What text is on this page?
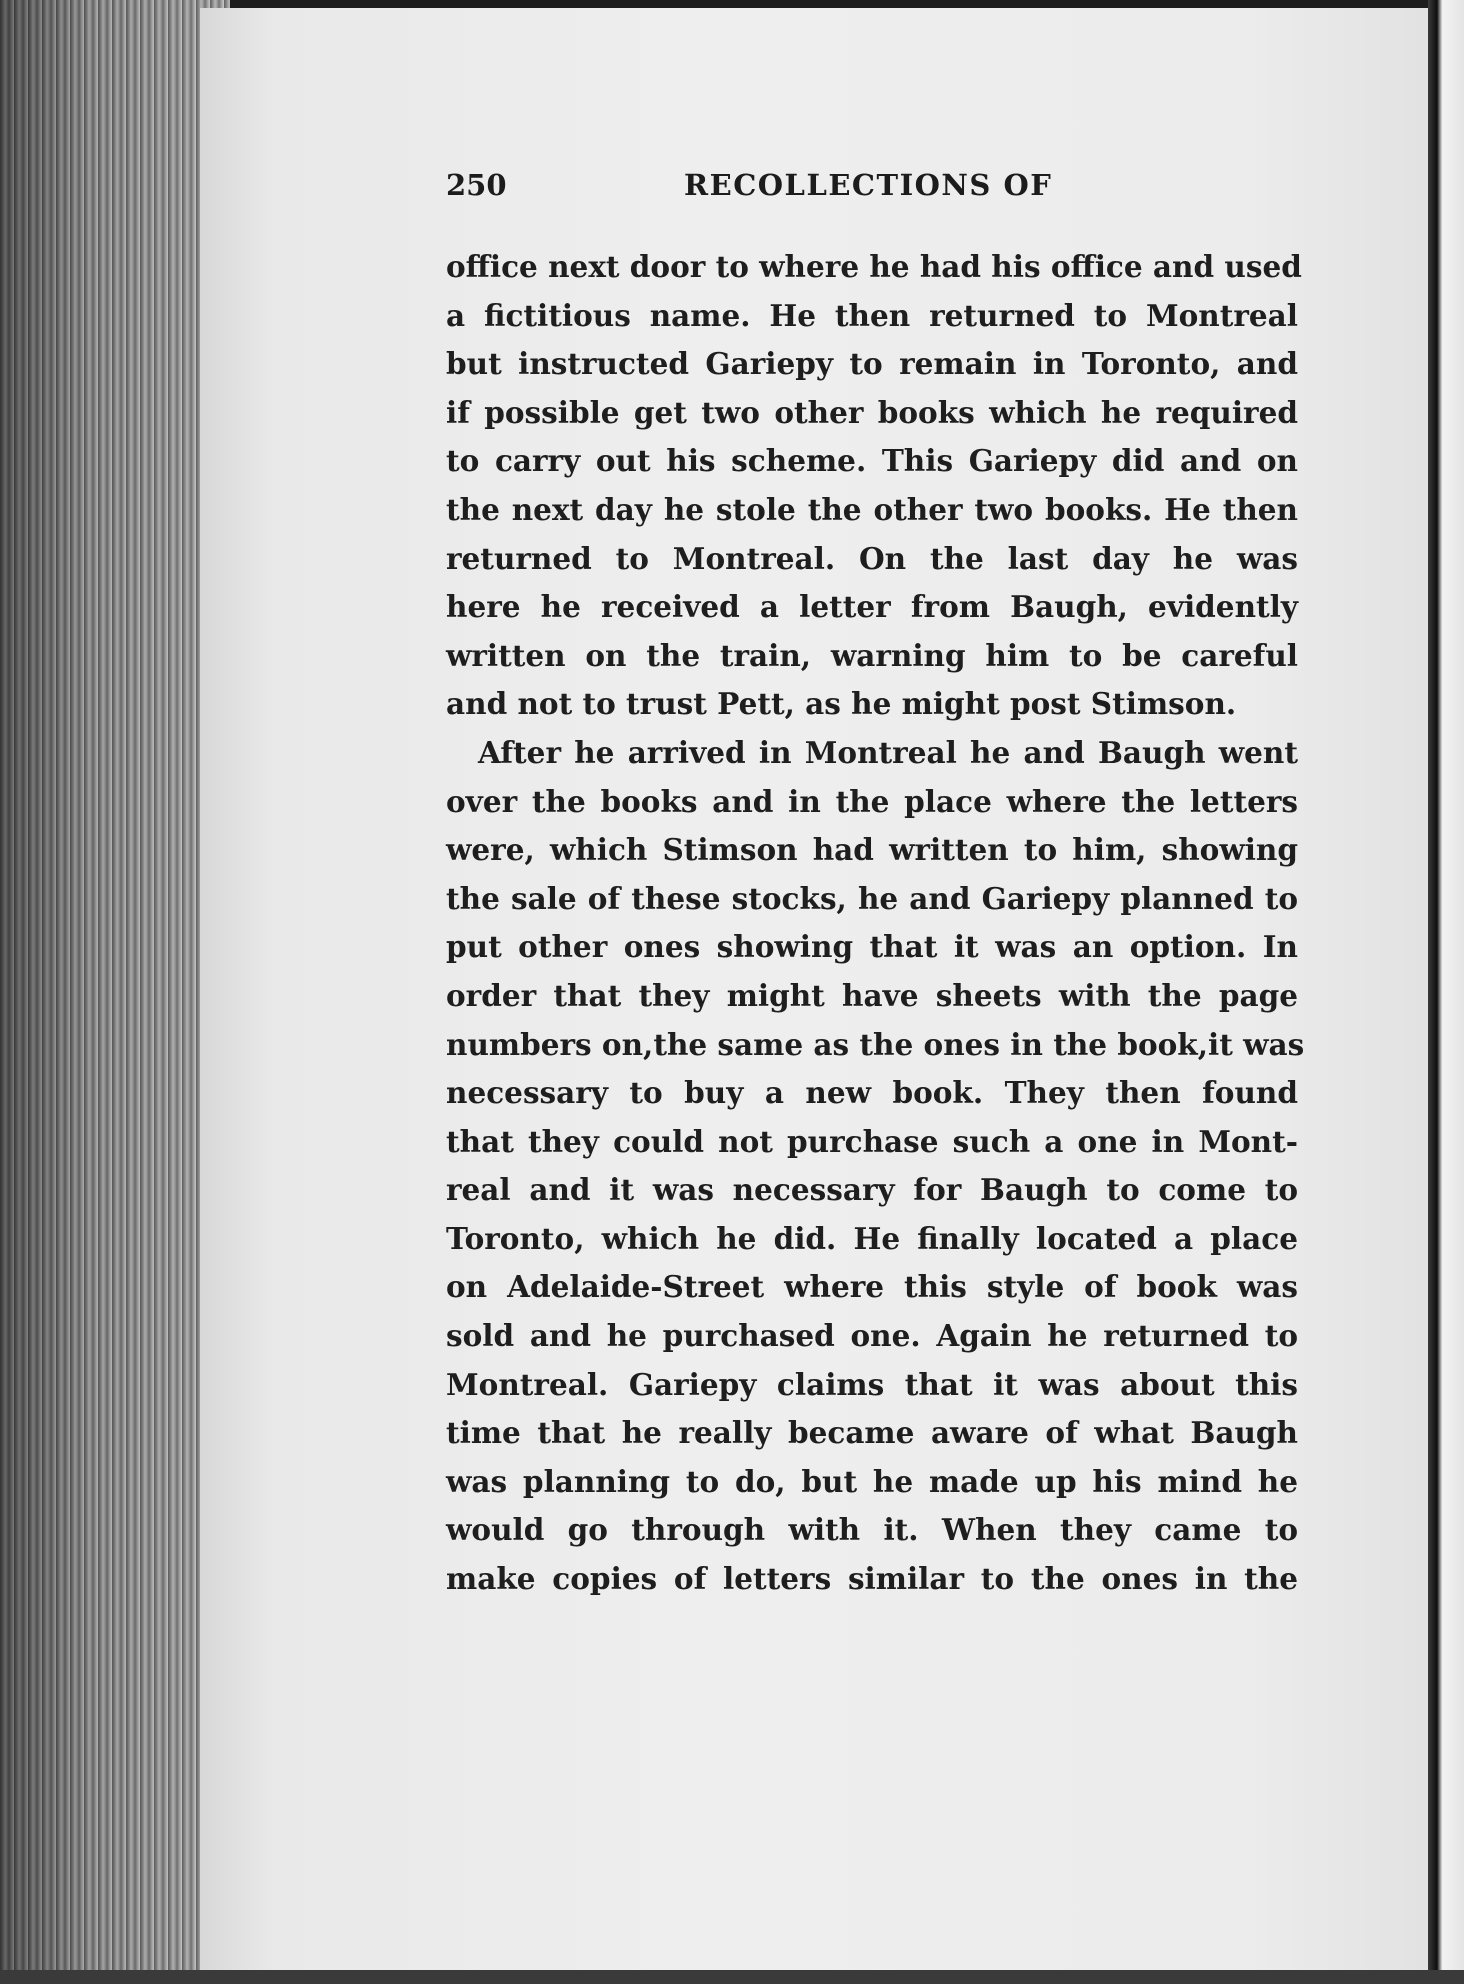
250	RECOLLECTIONS OF

office next door to where he had his office and used
a fictitious name. He then returned to Montreal
but instructed Gariepy to remain in Toronto, and
if possible get two other books which he required
to carry out his scheme. This Gariepy did and on
the next day he stole the other two books. He then
returned to Montreal. On the last day he was
here he received a letter from Baugh, evidently
written on the train, warning him to be careful
and not to trust Pett, as he might post Stimson.

After he arrived in Montreal he and Baugh went
over the books and in the place where the letters
were, which Stimson had written to him, showing
the sale of these stocks, he and Gariepy planned to
put other ones showing that it was an option. In
order that they might have sheets with the page
numbers on,the same as the ones in the book,it was
necessary to buy a new book. They then found
that they could not purchase such a one in Mont-
real and it was necessary for Baugh to come to
Toronto, which he did. He finally located a place
on Adelaide-Street where this style of book was
sold and he purchased one. Again he returned to
Montreal. Gariepy claims that it was about this
time that he really became aware of what Baugh
was planning to do, but he made up his mind he
would go through with it. When they came to
make copies of letters similar to the ones in the
